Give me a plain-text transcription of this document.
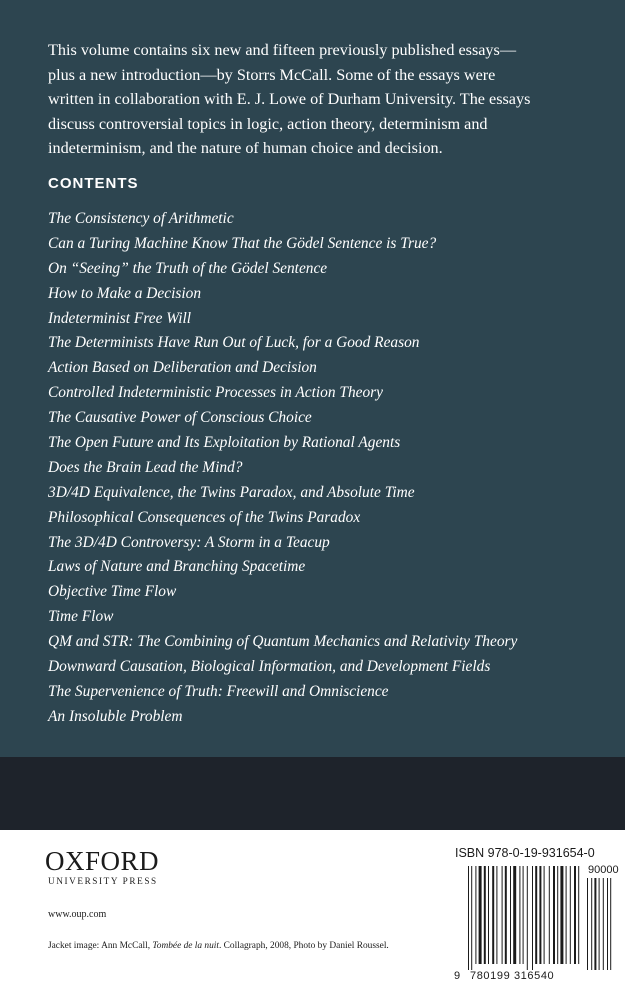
This volume contains six new and fifteen previously published essays—
plus a new introduction—by Storrs McCall. Some of the essays were
written in collaboration with E. J. Lowe of Durham University. The essays
discuss controversial topics in logic, action theory, determinism and
indeterminism, and the nature of human choice and decision.
CONTENTS
The Consistency of Arithmetic
Can a Turing Machine Know That the Gödel Sentence is True?
On “Seeing” the Truth of the Gödel Sentence
How to Make a Decision
Indeterminist Free Will
The Determinists Have Run Out of Luck, for a Good Reason
Action Based on Deliberation and Decision
Controlled Indeterministic Processes in Action Theory
The Causative Power of Conscious Choice
The Open Future and Its Exploitation by Rational Agents
Does the Brain Lead the Mind?
3D/4D Equivalence, the Twins Paradox, and Absolute Time
Philosophical Consequences of the Twins Paradox
The 3D/4D Controversy: A Storm in a Teacup
Laws of Nature and Branching Spacetime
Objective Time Flow
Time Flow
QM and STR: The Combining of Quantum Mechanics and Relativity Theory
Downward Causation, Biological Information, and Development Fields
The Supervenience of Truth: Freewill and Omniscience
An Insoluble Problem
OXFORD
UNIVERSITY PRESS
www.oup.com
Jacket image: Ann McCall, Tombée de la nuit. Collagraph, 2008, Photo by Daniel Roussel.
ISBN 978-0-19-931654-0
90000
9 780199 316540
